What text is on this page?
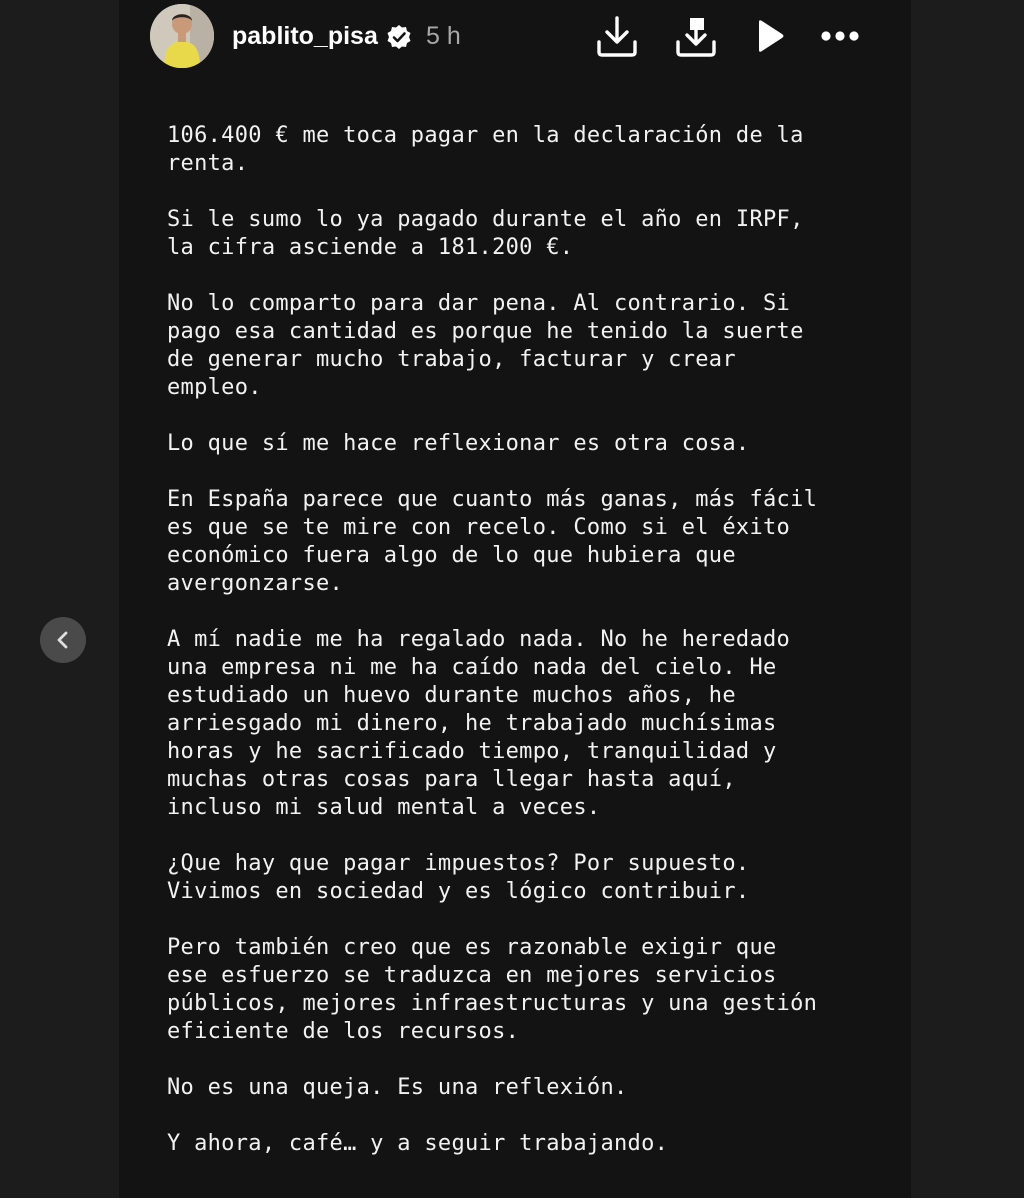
pablito_pisa 5 h

106.400 € me toca pagar en la declaración de la
renta.

Si le sumo lo ya pagado durante el año en IRPF,
la cifra asciende a 181.200 €.

No lo comparto para dar pena. Al contrario. Si
pago esa cantidad es porque he tenido la suerte
de generar mucho trabajo, facturar y crear
empleo.

Lo que sí me hace reflexionar es otra cosa.

En España parece que cuanto más ganas, más fácil
es que se te mire con recelo. Como si el éxito
económico fuera algo de lo que hubiera que
avergonzarse.

A mí nadie me ha regalado nada. No he heredado
una empresa ni me ha caído nada del cielo. He
estudiado un huevo durante muchos años, he
arriesgado mi dinero, he trabajado muchísimas
horas y he sacrificado tiempo, tranquilidad y
muchas otras cosas para llegar hasta aquí,
incluso mi salud mental a veces.

¿Que hay que pagar impuestos? Por supuesto.
Vivimos en sociedad y es lógico contribuir.

Pero también creo que es razonable exigir que
ese esfuerzo se traduzca en mejores servicios
públicos, mejores infraestructuras y una gestión
eficiente de los recursos.

No es una queja. Es una reflexión.

Y ahora, café… y a seguir trabajando.
